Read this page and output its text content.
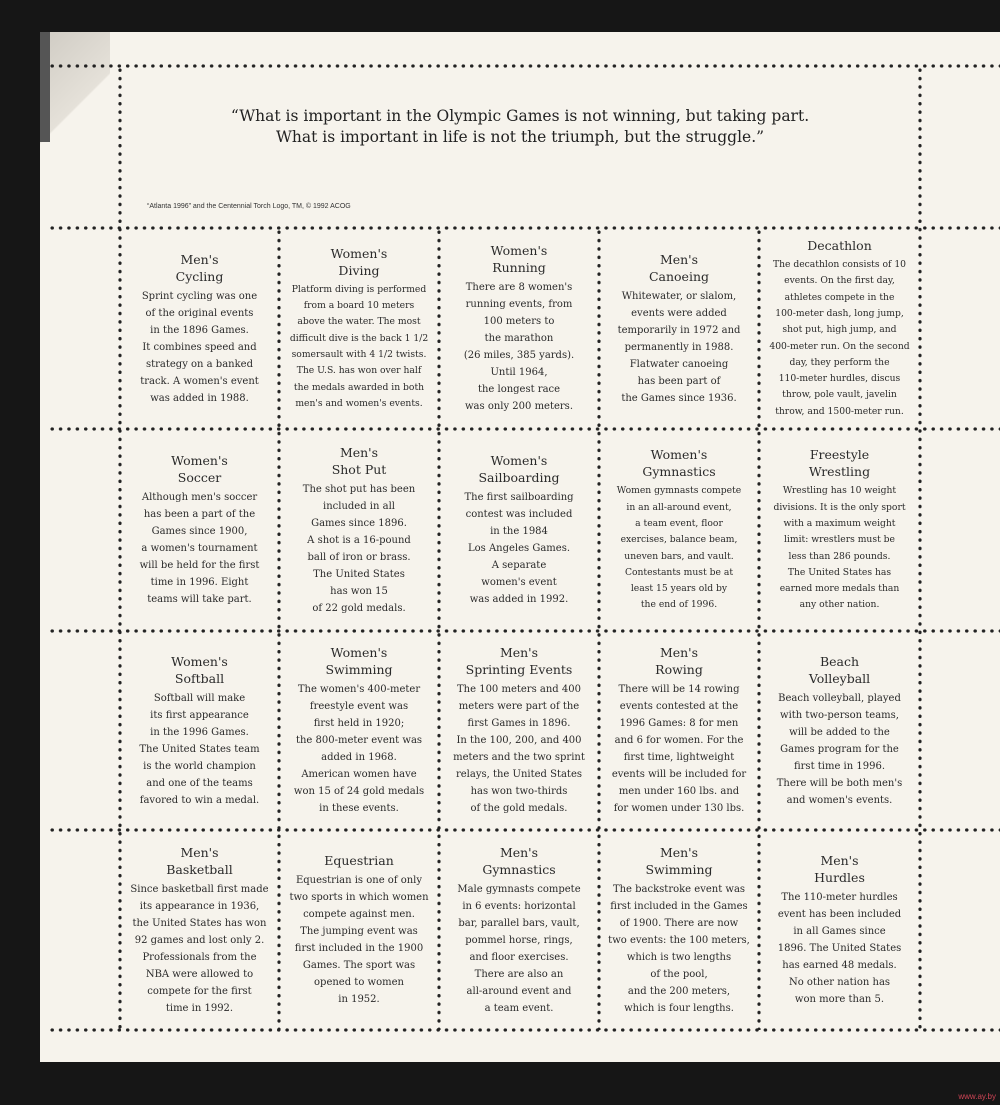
“What is important in the Olympic Games is not winning, but taking part.
What is important in life is not the triumph, but the struggle.”
“Atlanta 1996” and the Centennial Torch Logo, TM, © 1992 ACOG
Men's
Cycling
Sprint cycling was one
of the original events
in the 1896 Games.
It combines speed and
strategy on a banked
track. A women's event
was added in 1988.
Women's
Diving
Platform diving is performed
from a board 10 meters
above the water. The most
difficult dive is the back 1 1/2
somersault with 4 1/2 twists.
The U.S. has won over half
the medals awarded in both
men's and women's events.
Women's
Running
There are 8 women's
running events, from
100 meters to
the marathon
(26 miles, 385 yards).
Until 1964,
the longest race
was only 200 meters.
Men's
Canoeing
Whitewater, or slalom,
events were added
temporarily in 1972 and
permanently in 1988.
Flatwater canoeing
has been part of
the Games since 1936.
Decathlon
The decathlon consists of 10
events. On the first day,
athletes compete in the
100-meter dash, long jump,
shot put, high jump, and
400-meter run. On the second
day, they perform the
110-meter hurdles, discus
throw, pole vault, javelin
throw, and 1500-meter run.
Women's
Soccer
Although men's soccer
has been a part of the
Games since 1900,
a women's tournament
will be held for the first
time in 1996. Eight
teams will take part.
Men's
Shot Put
The shot put has been
included in all
Games since 1896.
A shot is a 16-pound
ball of iron or brass.
The United States
has won 15
of 22 gold medals.
Women's
Sailboarding
The first sailboarding
contest was included
in the 1984
Los Angeles Games.
A separate
women's event
was added in 1992.
Women's
Gymnastics
Women gymnasts compete
in an all-around event,
a team event, floor
exercises, balance beam,
uneven bars, and vault.
Contestants must be at
least 15 years old by
the end of 1996.
Freestyle
Wrestling
Wrestling has 10 weight
divisions. It is the only sport
with a maximum weight
limit: wrestlers must be
less than 286 pounds.
The United States has
earned more medals than
any other nation.
Women's
Softball
Softball will make
its first appearance
in the 1996 Games.
The United States team
is the world champion
and one of the teams
favored to win a medal.
Women's
Swimming
The women's 400-meter
freestyle event was
first held in 1920;
the 800-meter event was
added in 1968.
American women have
won 15 of 24 gold medals
in these events.
Men's
Sprinting Events
The 100 meters and 400
meters were part of the
first Games in 1896.
In the 100, 200, and 400
meters and the two sprint
relays, the United States
has won two-thirds
of the gold medals.
Men's
Rowing
There will be 14 rowing
events contested at the
1996 Games: 8 for men
and 6 for women. For the
first time, lightweight
events will be included for
men under 160 lbs. and
for women under 130 lbs.
Beach
Volleyball
Beach volleyball, played
with two-person teams,
will be added to the
Games program for the
first time in 1996.
There will be both men's
and women's events.
Men's
Basketball
Since basketball first made
its appearance in 1936,
the United States has won
92 games and lost only 2.
Professionals from the
NBA were allowed to
compete for the first
time in 1992.
Equestrian
Equestrian is one of only
two sports in which women
compete against men.
The jumping event was
first included in the 1900
Games. The sport was
opened to women
in 1952.
Men's
Gymnastics
Male gymnasts compete
in 6 events: horizontal
bar, parallel bars, vault,
pommel horse, rings,
and floor exercises.
There are also an
all-around event and
a team event.
Men's
Swimming
The backstroke event was
first included in the Games
of 1900. There are now
two events: the 100 meters,
which is two lengths
of the pool,
and the 200 meters,
which is four lengths.
Men's
Hurdles
The 110-meter hurdles
event has been included
in all Games since
1896. The United States
has earned 48 medals.
No other nation has
won more than 5.
www.ay.by
